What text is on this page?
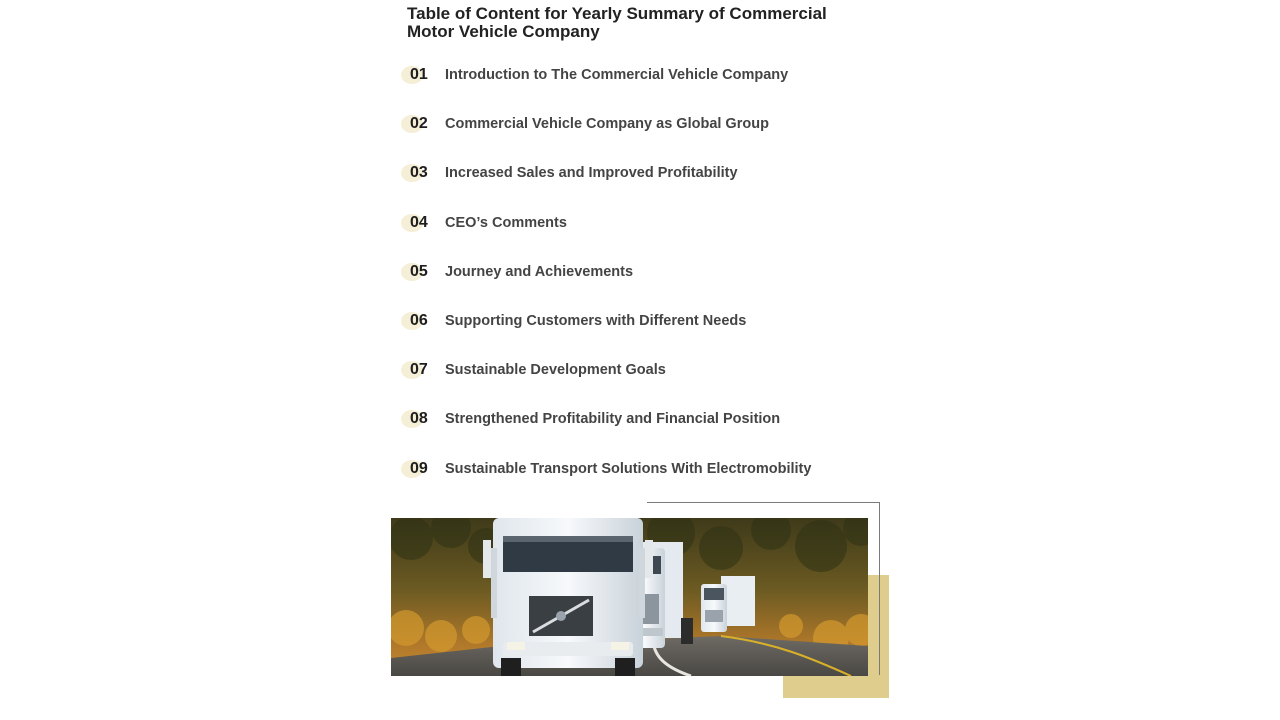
Table of Content for Yearly Summary of Commercial
Motor Vehicle Company
01 Introduction to The Commercial Vehicle Company
02 Commercial Vehicle Company as Global Group
03 Increased Sales and Improved Profitability
04 CEO’s Comments
05 Journey and Achievements
06 Supporting Customers with Different Needs
07 Sustainable Development Goals
08 Strengthened Profitability and Financial Position
09 Sustainable Transport Solutions With Electromobility
